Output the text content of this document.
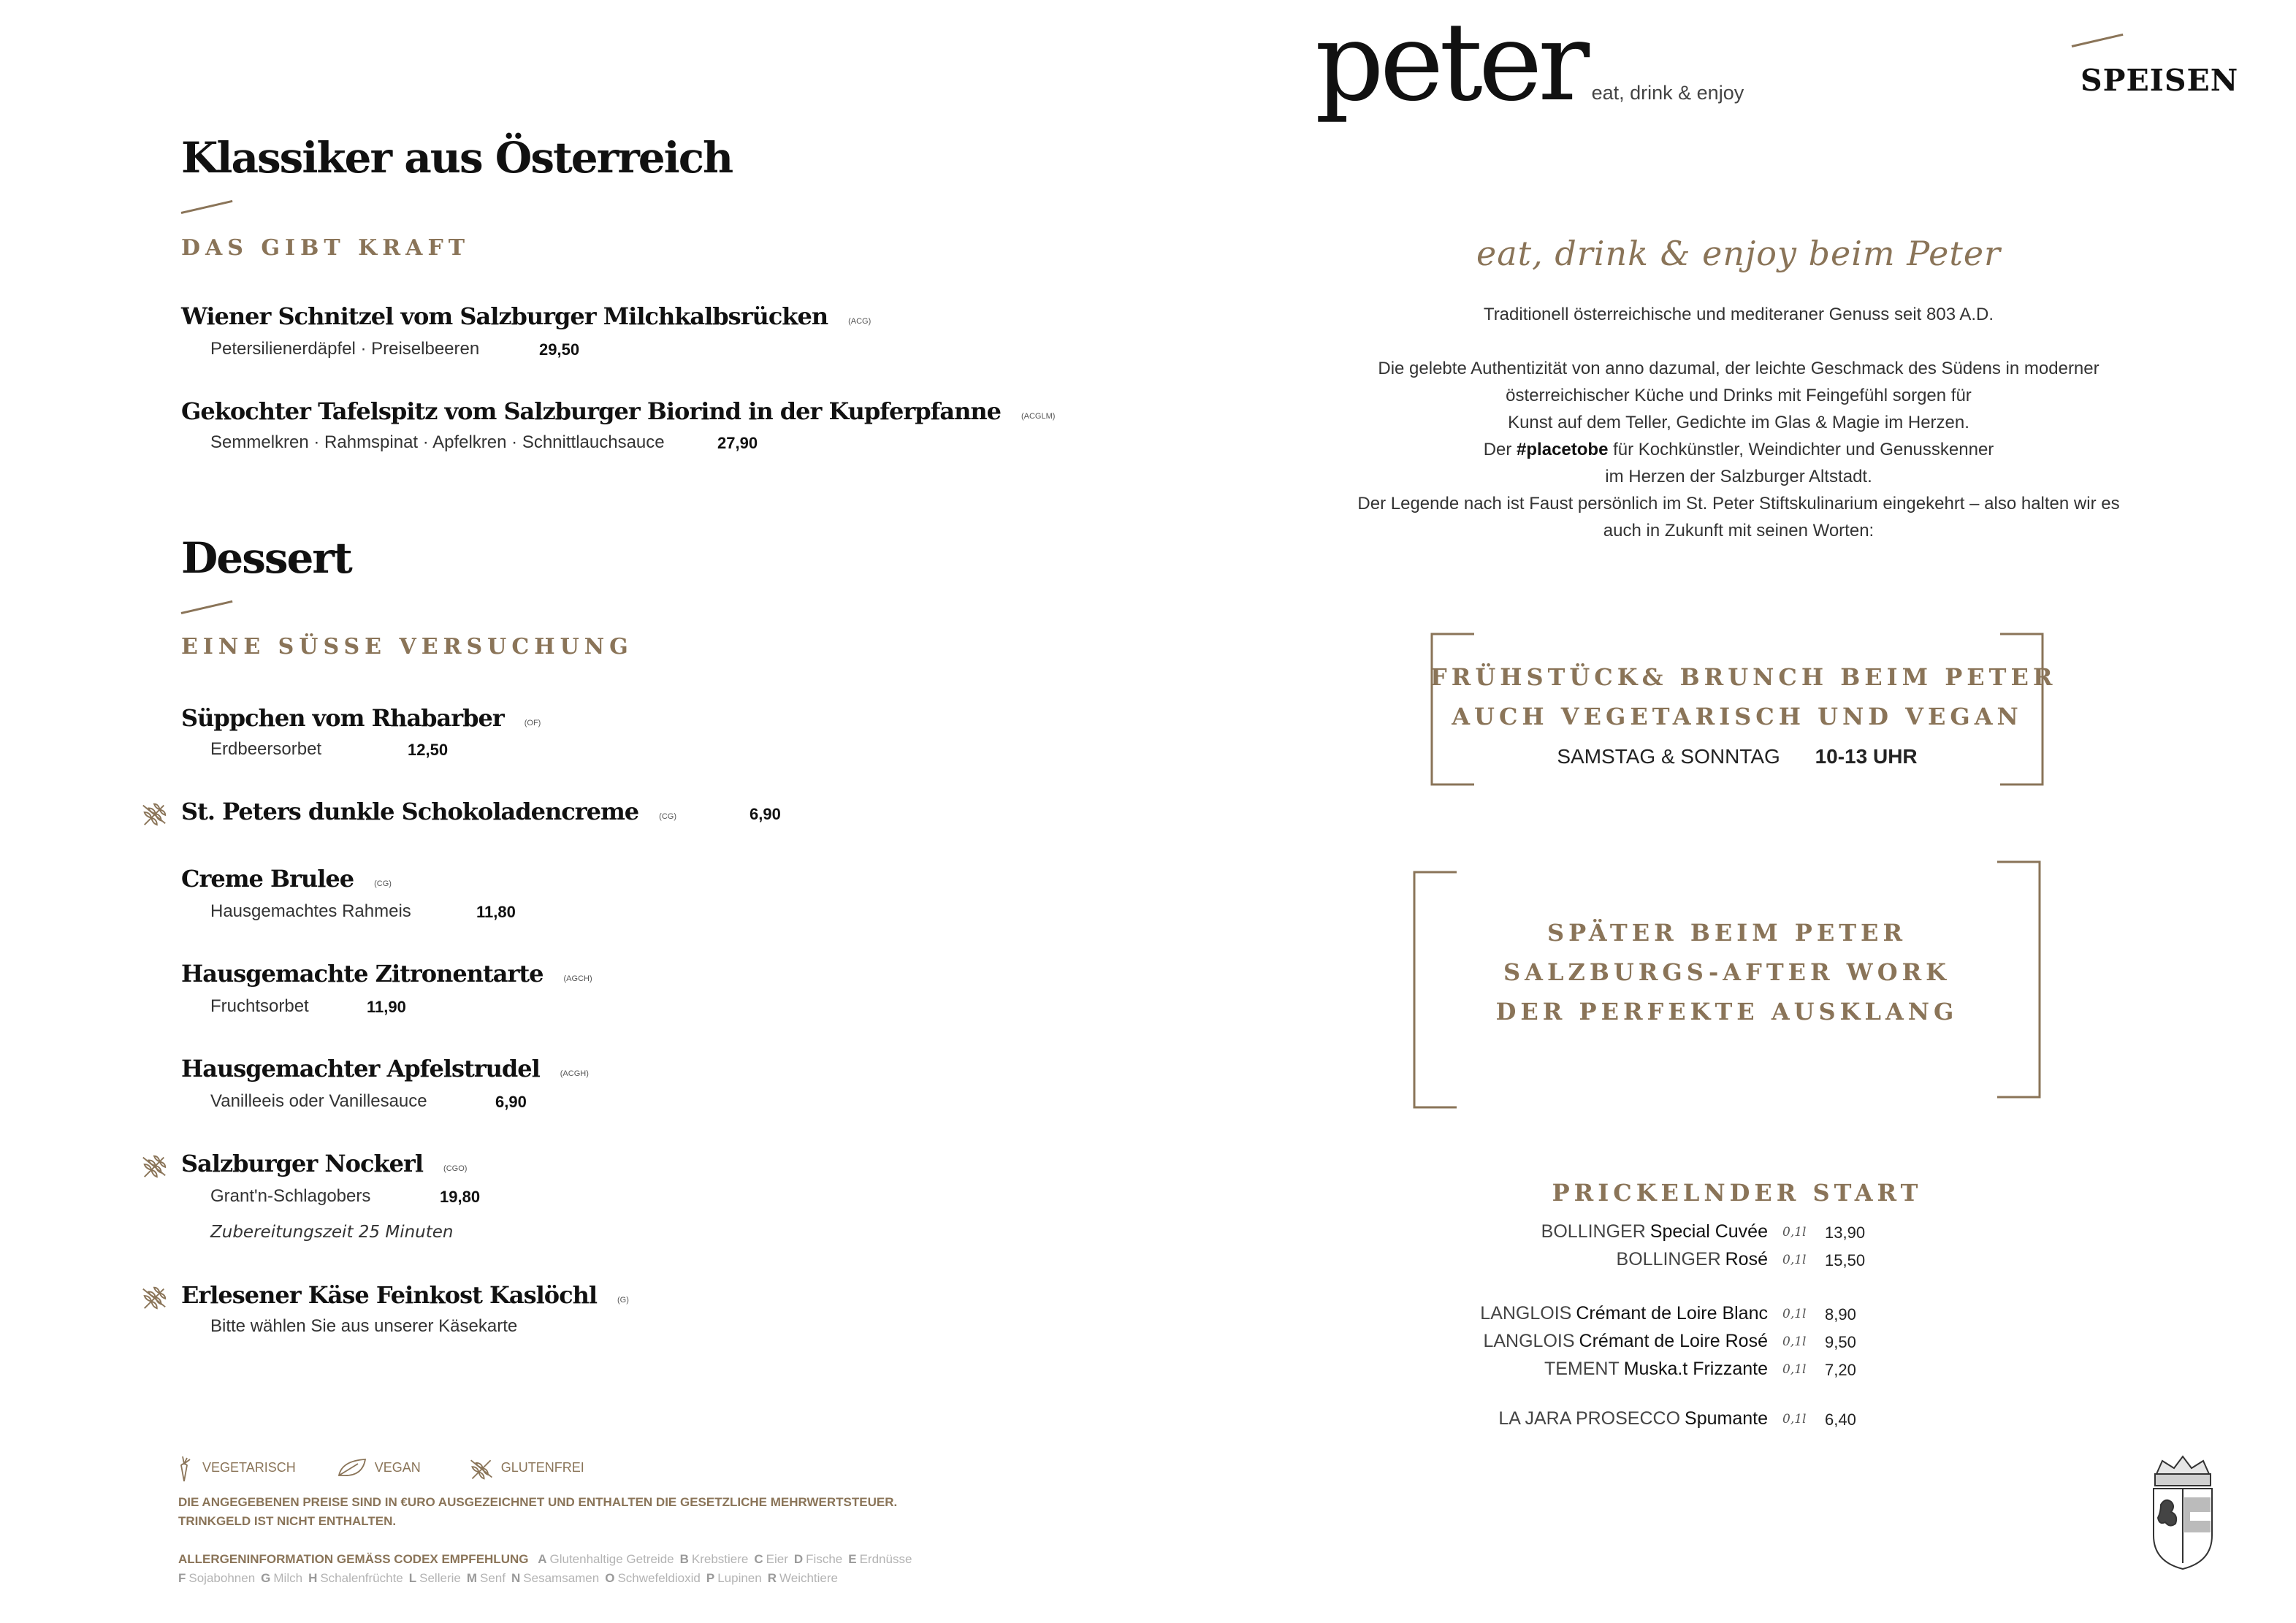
peter eat, drink & enjoy	SPEISEN
Klassiker aus Österreich
DAS GIBT KRAFT
Wiener Schnitzel vom Salzburger Milchkalbsrücken	(ACG)
Petersilienerdäpfel · Preiselbeeren	29,50
Gekochter Tafelspitz vom Salzburger Biorind in der Kupferpfanne	(ACGLM)
Semmelkren · Rahmspinat · Apfelkren · Schnittlauchsauce	27,90
Dessert
EINE SÜSSE VERSUCHUNG
Süppchen vom Rhabarber	(OF)
Erdbeersorbet	12,50
St. Peters dunkle Schokoladencreme	(CG)	6,90
Creme Brulee	(CG)
Hausgemachtes Rahmeis	11,80
Hausgemachte Zitronentarte	(AGCH)
Fruchtsorbet	11,90
Hausgemachter Apfelstrudel	(ACGH)
Vanilleeis oder Vanillesauce	6,90
Salzburger Nockerl	(CGO)
Grant'n-Schlagobers	19,80
Zubereitungszeit 25 Minuten
Erlesener Käse Feinkost Kaslöchl	(G)
Bitte wählen Sie aus unserer Käsekarte
VEGETARISCH	VEGAN	GLUTENFREI
DIE ANGEGEBENEN PREISE SIND IN €URO AUSGEZEICHNET UND ENTHALTEN DIE GESETZLICHE MEHRWERTSTEUER.
TRINKGELD IST NICHT ENTHALTEN.
ALLERGENINFORMATION GEMÄSS CODEX EMPFEHLUNG A Glutenhaltige Getreide B Krebstiere C Eier D Fische E Erdnüsse
F Sojabohnen G Milch H Schalenfrüchte L Sellerie M Senf N Sesamsamen O Schwefeldioxid P Lupinen R Weichtiere
eat, drink & enjoy beim Peter
Traditionell österreichische und mediteraner Genuss seit 803 A.D.
Die gelebte Authentizität von anno dazumal, der leichte Geschmack des Südens in moderner
österreichischer Küche und Drinks mit Feingefühl sorgen für
Kunst auf dem Teller, Gedichte im Glas & Magie im Herzen.
Der #placetobe für Kochkünstler, Weindichter und Genusskenner
im Herzen der Salzburger Altstadt.
Der Legende nach ist Faust persönlich im St. Peter Stiftskulinarium eingekehrt – also halten wir es
auch in Zukunft mit seinen Worten:
FRÜHSTÜCK& BRUNCH BEIM PETER
AUCH VEGETARISCH UND VEGAN
SAMSTAG & SONNTAG 10-13 UHR
SPÄTER BEIM PETER
SALZBURGS-AFTER WORK
DER PERFEKTE AUSKLANG
PRICKELNDER START
BOLLINGER Special Cuvée 0,1l 13,90
BOLLINGER Rosé 0,1l 15,50
LANGLOIS Crémant de Loire Blanc 0,1l 8,90
LANGLOIS Crémant de Loire Rosé 0,1l 9,50
TEMENT Muska.t Frizzante 0,1l 7,20
LA JARA PROSECCO Spumante 0,1l 6,40
